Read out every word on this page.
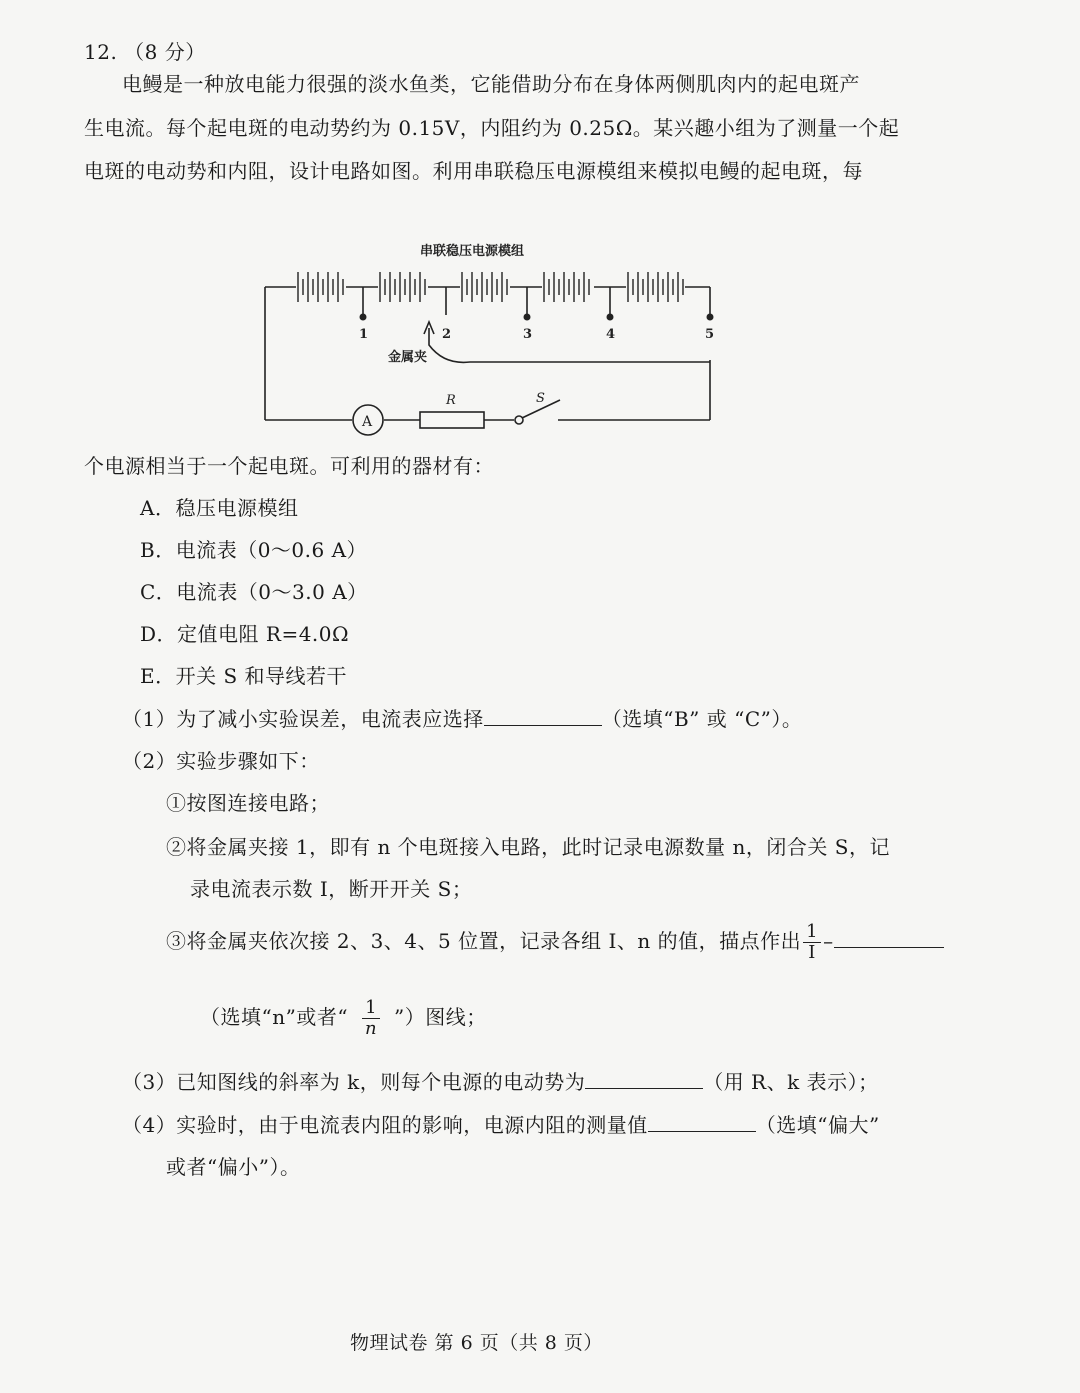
12. （8 分）
电鳗是一种放电能力很强的淡水鱼类，它能借助分布在身体两侧肌肉内的起电斑产
生电流。每个起电斑的电动势约为 0.15V，内阻约为 0.25Ω。某兴趣小组为了测量一个起
电斑的电动势和内阻，设计电路如图。利用串联稳压电源模组来模拟电鳗的起电斑，每
串联稳压电源模组
1	2	3	4	5
金属夹
A
R	S
个电源相当于一个起电斑。可利用的器材有：
A．稳压电源模组
B．电流表（0～0.6 A）
C．电流表（0～3.0 A）
D．定值电阻 R=4.0Ω
E．开关 S 和导线若干
（1）为了减小实验误差，电流表应选择	（选填“B” 或 “C”）。
（2）实验步骤如下：
①按图连接电路；
②将金属夹接 1，即有 n 个电斑接入电路，此时记录电源数量 n，闭合关 S，记
录电流表示数 I，断开开关 S；
③将金属夹依次接 2、3、4、5 位置，记录各组 I、n 的值，描点作出 $\frac{1}{I}$ –
（选填“n”或者“ $\frac{1}{n}$ ”）图线；
（3）已知图线的斜率为 k，则每个电源的电动势为	（用 R、k 表示）；
（4）实验时，由于电流表内阻的影响，电源内阻的测量值	（选填“偏大”
或者“偏小”）。
物理试卷 第 6 页（共 8 页）
